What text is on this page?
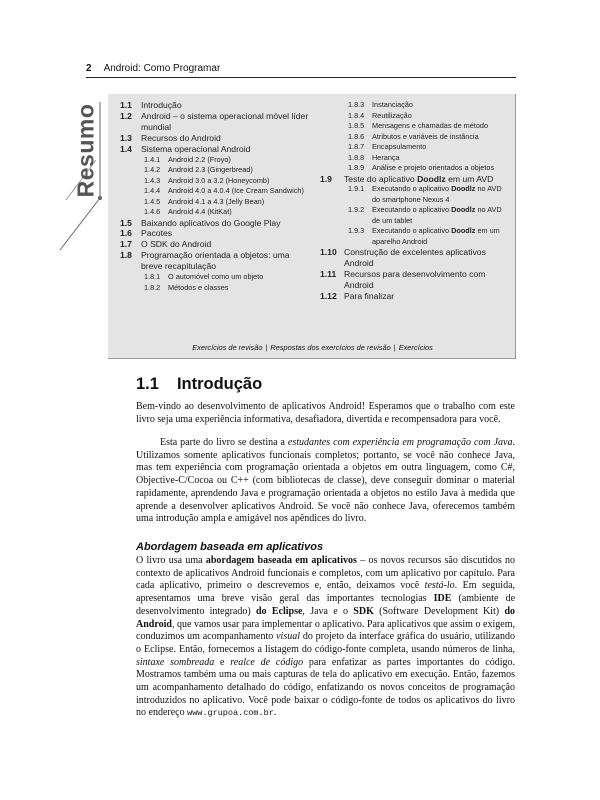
2 Android: Como Programar
Resumo	1.1	Introdução
1.2	Android – o sistema operacional móvel líder mundial
1.3	Recursos do Android
1.4	Sistema operacional Android
1.4.1	Android 2.2 (Froyo)
1.4.2	Android 2.3 (Gingerbread)
1.4.3	Android 3.0 a 3.2 (Honeycomb)
1.4.4	Android 4.0 a 4.0.4 (Ice Cream Sandwich)
1.4.5	Android 4.1 a 4.3 (Jelly Bean)
1.4.6	Android 4.4 (KitKat)
1.5	Baixando aplicativos do Google Play
1.6	Pacotes
1.7	O SDK do Android
1.8	Programação orientada a objetos: uma breve recapitulação
1.8.1	O automóvel como um objeto
1.8.2	Métodos e classes
1.8.3	Instanciação
1.8.4	Reutilização
1.8.5	Mensagens e chamadas de método
1.8.6	Atributos e variáveis de instância
1.8.7	Encapsulamento
1.8.8	Herança
1.8.9	Análise e projeto orientados a objetos
1.9	Teste do aplicativo Doodlz em um AVD
1.9.1	Executando o aplicativo Doodlz no AVD do smartphone Nexus 4
1.9.2	Executando o aplicativo Doodlz no AVD de um tablet
1.9.3	Executando o aplicativo Doodlz em um aparelho Android
1.10 Construção de excelentes aplicativos Android
1.11 Recursos para desenvolvimento com Android
1.12 Para finalizar
Exercícios de revisão | Respostas dos exercícios de revisão | Exercícios
1.1 Introdução
Bem-vindo ao desenvolvimento de aplicativos Android! Esperamos que o trabalho com este livro seja uma experiência informativa, desafiadora, divertida e recompensadora para você.
Esta parte do livro se destina a estudantes com experiência em programação com Java. Utilizamos somente aplicativos funcionais completos; portanto, se você não conhece Java, mas tem experiência com programação orientada a objetos em outra linguagem, como C#, Objective-C/Cocoa ou C++ (com bibliotecas de classe), deve conseguir dominar o material rapidamente, aprendendo Java e programação orientada a objetos no estilo Java à medida que aprende a desenvolver aplicativos Android. Se você não conhece Java, oferecemos também uma introdução ampla e amigável nos apêndices do livro.
Abordagem baseada em aplicativos
O livro usa uma abordagem baseada em aplicativos – os novos recursos são discutidos no contexto de aplicativos Android funcionais e completos, com um aplicativo por capítulo. Para cada aplicativo, primeiro o descrevemos e, então, deixamos você testá-lo. Em seguida, apresentamos uma breve visão geral das importantes tecnologias IDE (ambiente de desenvolvimento integrado) do Eclipse, Java e o SDK (Software Development Kit) do Android, que vamos usar para implementar o aplicativo. Para aplicativos que assim o exigem, conduzimos um acompanhamento visual do projeto da interface gráfica do usuário, utilizando o Eclipse. Então, fornecemos a listagem do código-fonte completa, usando números de linha, sintaxe sombreada e realce de código para enfatizar as partes importantes do código. Mostramos também uma ou mais capturas de tela do aplicativo em execução. Então, fazemos um acompanhamento detalhado do código, enfatizando os novos conceitos de programação introduzidos no aplicativo. Você pode baixar o código-fonte de todos os aplicativos do livro no endereço www.grupoa.com.br.
